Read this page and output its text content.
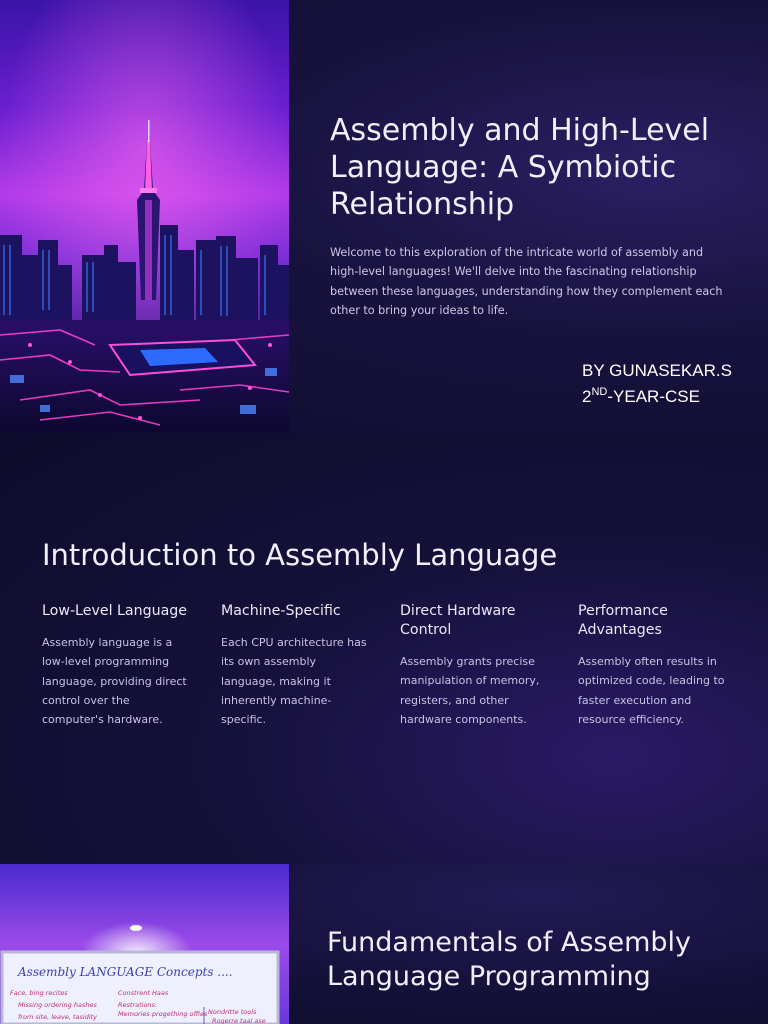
Assembly and High-Level Language: A Symbiotic Relationship
Welcome to this exploration of the intricate world of assembly and high-level languages! We'll delve into the fascinating relationship between these languages, understanding how they complement each other to bring your ideas to life.
BY GUNASEKAR.S
2ND-YEAR-CSE
Introduction to Assembly Language
Low-Level Language

Assembly language is a low-level programming language, providing direct control over the computer's hardware.

Machine-Specific

Each CPU architecture has its own assembly language, making it inherently machine-specific.

Direct Hardware Control

Assembly grants precise manipulation of memory, registers, and other hardware components.

Performance Advantages

Assembly often results in optimized code, leading to faster execution and resource efficiency.

Assembly LANGUAGE Concepts ....
Face, bing recites
Missing ordering hashes
from site, leave, tasidity
Constrent Haas
Restrations:
Memories progething offies Nondritte tools
Rogerre taal ase
Fundamentals of Assembly Language Programming
